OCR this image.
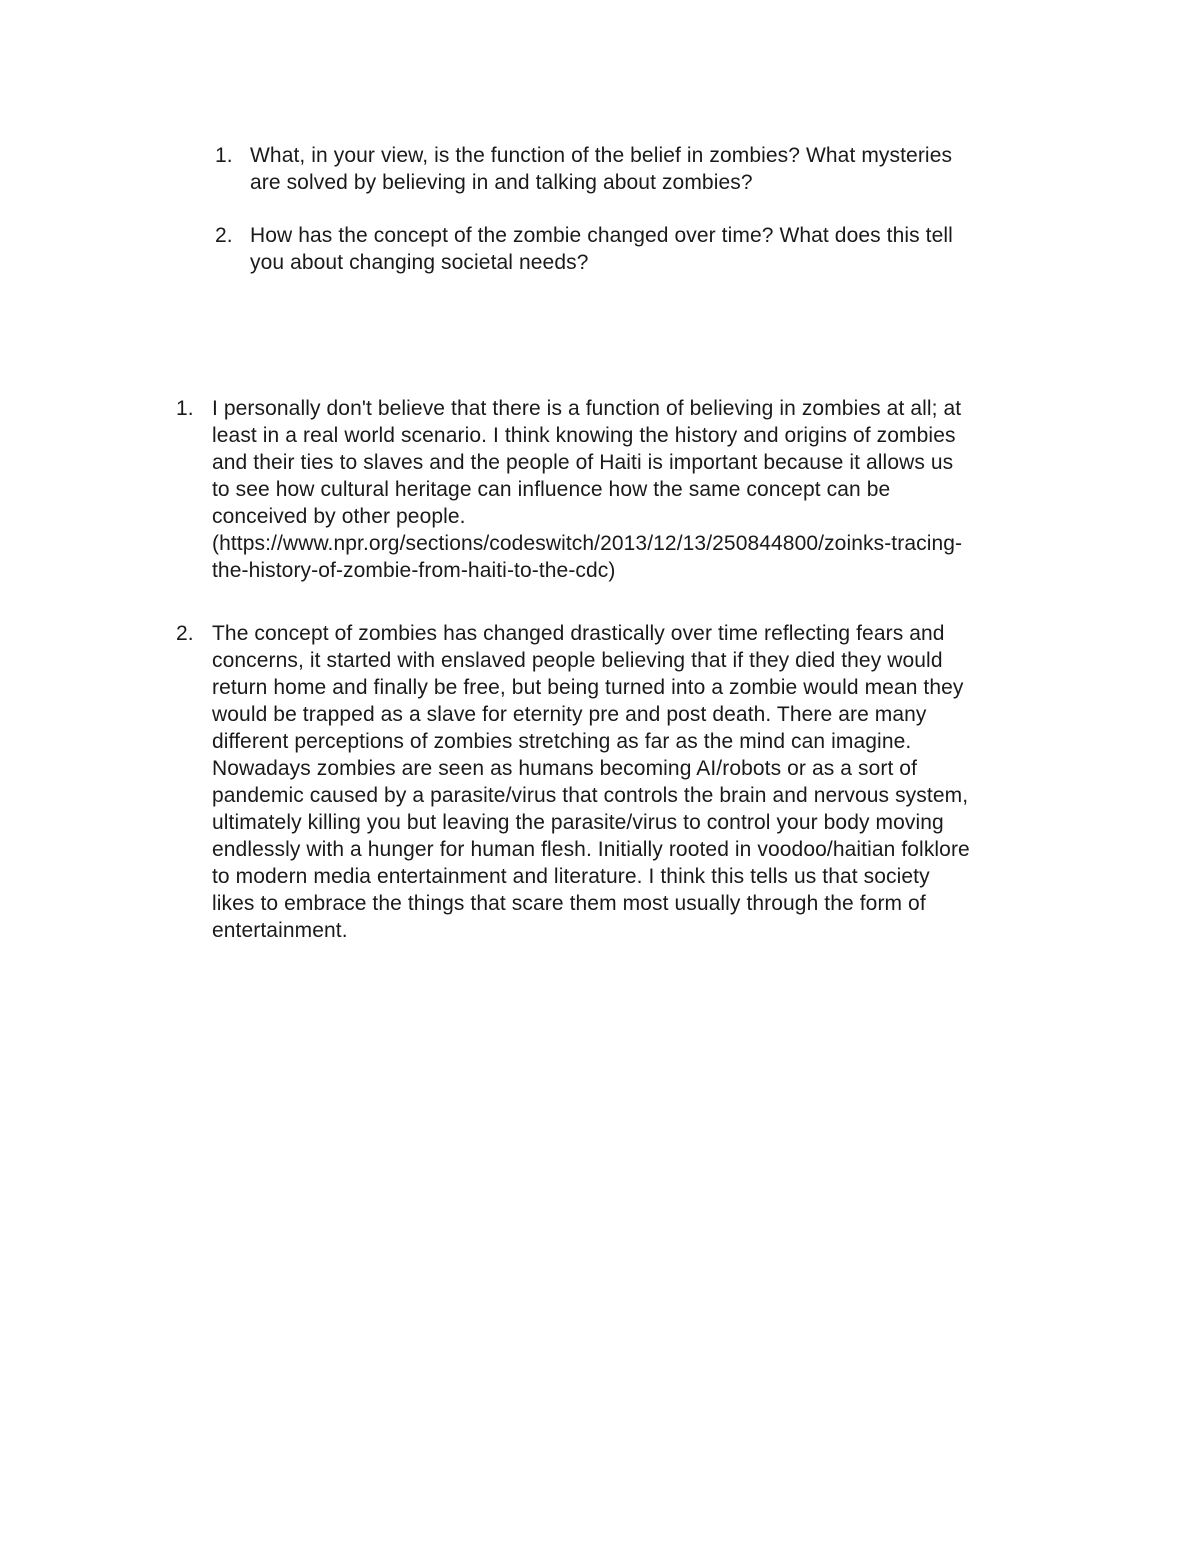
1. What, in your view, is the function of the belief in zombies? What mysteries
are solved by believing in and talking about zombies?
2. How has the concept of the zombie changed over time? What does this tell
you about changing societal needs?
1. I personally don't believe that there is a function of believing in zombies at all; at
least in a real world scenario. I think knowing the history and origins of zombies
and their ties to slaves and the people of Haiti is important because it allows us
to see how cultural heritage can influence how the same concept can be
conceived by other people.
(https://www.npr.org/sections/codeswitch/2013/12/13/250844800/zoinks-tracing-
the-history-of-zombie-from-haiti-to-the-cdc)
2. The concept of zombies has changed drastically over time reflecting fears and
concerns, it started with enslaved people believing that if they died they would
return home and finally be free, but being turned into a zombie would mean they
would be trapped as a slave for eternity pre and post death. There are many
different perceptions of zombies stretching as far as the mind can imagine.
Nowadays zombies are seen as humans becoming AI/robots or as a sort of
pandemic caused by a parasite/virus that controls the brain and nervous system,
ultimately killing you but leaving the parasite/virus to control your body moving
endlessly with a hunger for human flesh. Initially rooted in voodoo/haitian folklore
to modern media entertainment and literature. I think this tells us that society
likes to embrace the things that scare them most usually through the form of
entertainment.
